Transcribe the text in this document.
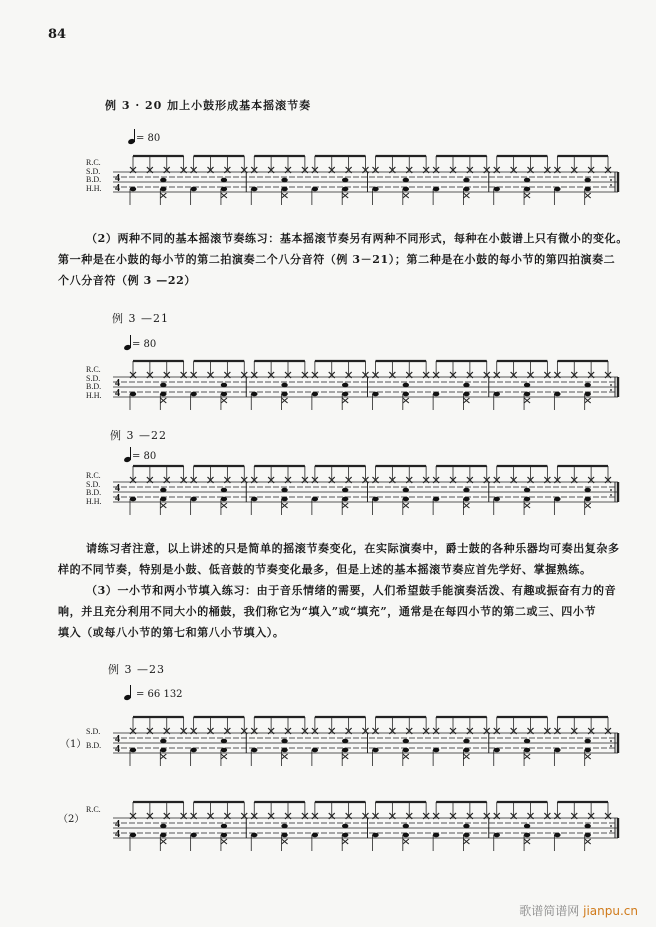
84
例 3 · 20 加上小鼓形成基本摇滚节奏
= 80
R.C.
S.D.
B.D.
H.H.
4
4
（2）两种不同的基本摇滚节奏练习：基本摇滚节奏另有两种不同形式，每种在小鼓谱上只有微小的变化。
第一种是在小鼓的每小节的第二拍演奏二个八分音符（例 3－21）；第二种是在小鼓的每小节的第四拍演奏二
个八分音符（例 3 —22）
例 3 —21
= 80
R.C.
S.D.
B.D.
H.H.
4
4
例 3 —22
= 80
R.C.
S.D.
B.D.
H.H.
4
4
请练习者注意，以上讲述的只是简单的摇滚节奏变化，在实际演奏中，爵士鼓的各种乐器均可奏出复杂多
样的不同节奏，特别是小鼓、低音鼓的节奏变化最多，但是上述的基本摇滚节奏应首先学好、掌握熟练。
（3）一小节和两小节填入练习：由于音乐情绪的需要，人们希望鼓手能演奏活泼、有趣或振奋有力的音
响，并且充分利用不同大小的桶鼓，我们称它为“填入”或“填充”，通常是在每四小节的第二或三、四小节
填入（或每八小节的第七和第八小节填入）。
例 3 —23
= 66 132
（1）
S.D.
B.D. 4
4
（2）
R.C.
4
4
歌谱简谱网 jianpu.cn
